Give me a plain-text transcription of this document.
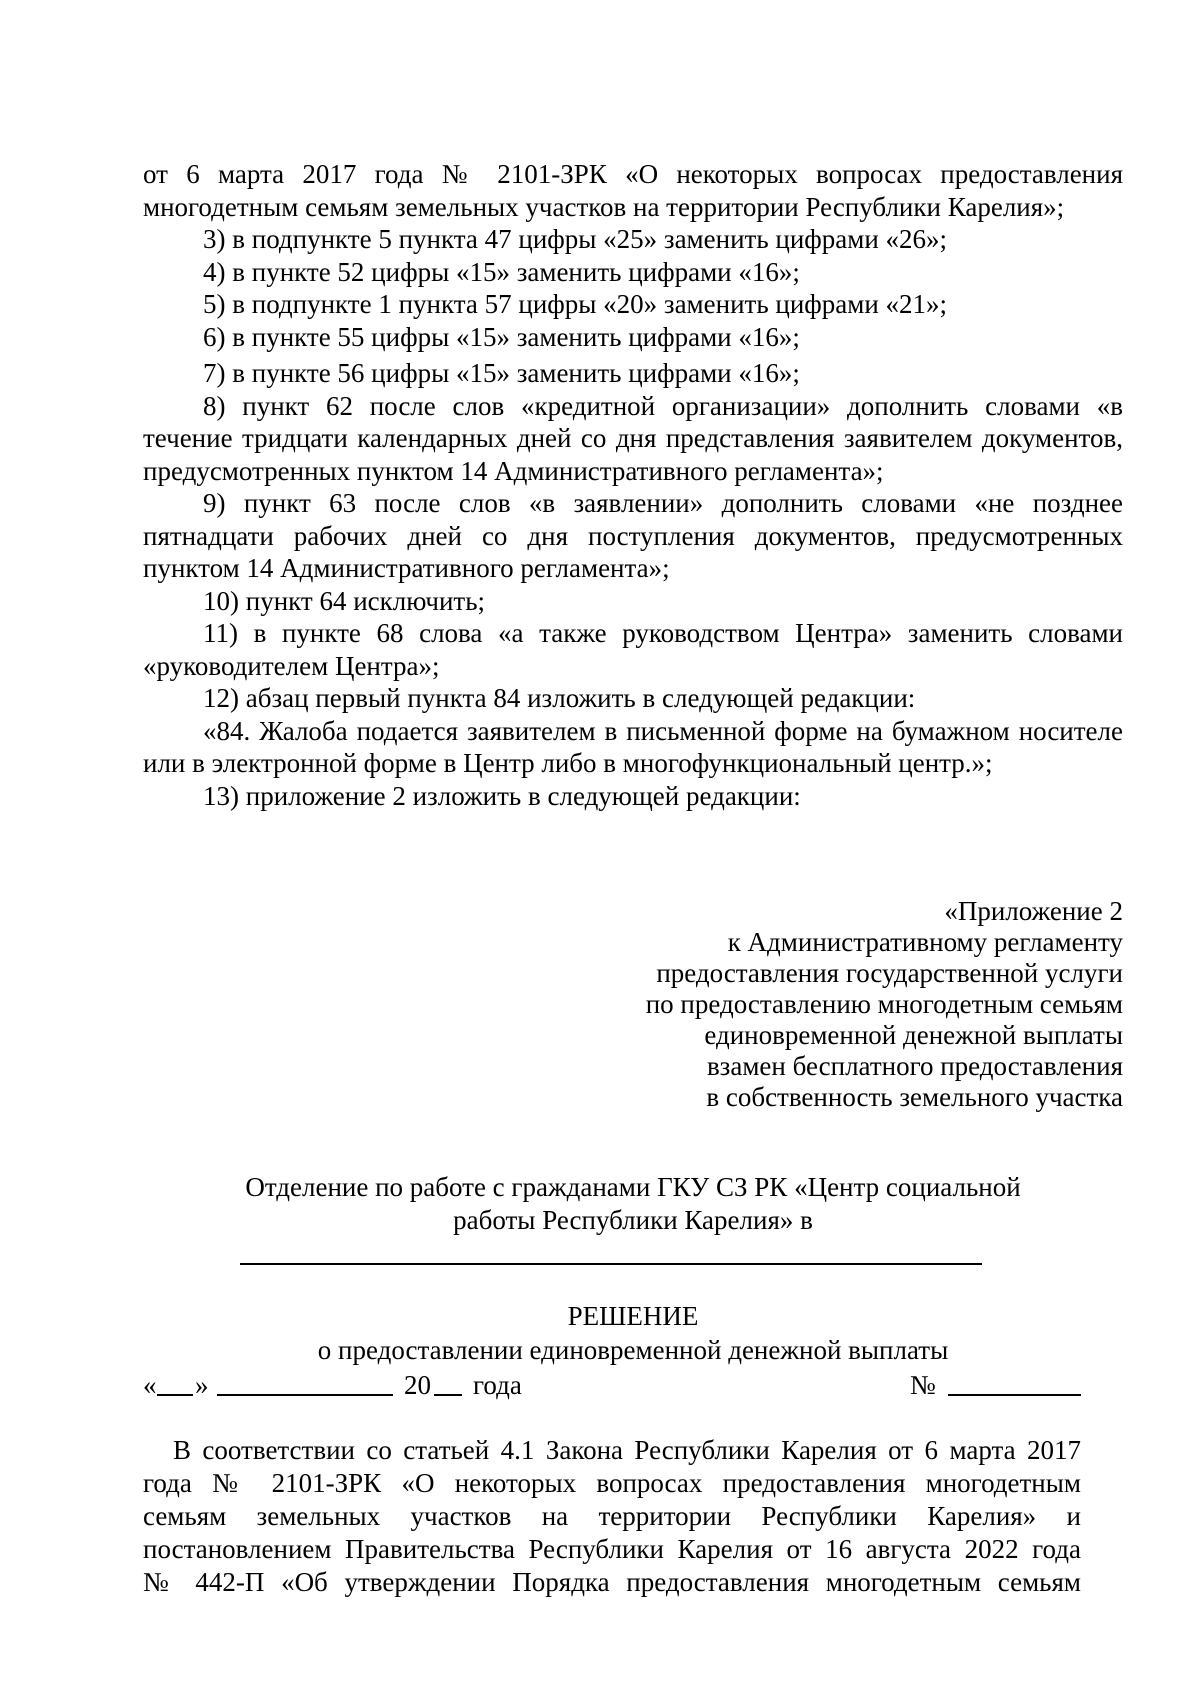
от 6 марта 2017 года № 2101-ЗРК «О некоторых вопросах предоставления многодетным семьям земельных участков на территории Республики Карелия»;

3) в подпункте 5 пункта 47 цифры «25» заменить цифрами «26»;

4) в пункте 52 цифры «15» заменить цифрами «16»;

5) в подпункте 1 пункта 57 цифры «20» заменить цифрами «21»;

6) в пункте 55 цифры «15» заменить цифрами «16»;

7) в пункте 56 цифры «15» заменить цифрами «16»;

8) пункт 62 после слов «кредитной организации» дополнить словами «в течение тридцати календарных дней со дня представления заявителем документов, предусмотренных пунктом 14 Административного регламента»;

9) пункт 63 после слов «в заявлении» дополнить словами «не позднее пятнадцати рабочих дней со дня поступления документов, предусмотренных пунктом 14 Административного регламента»;

10) пункт 64 исключить;

11) в пункте 68 слова «а также руководством Центра» заменить словами «руководителем Центра»;

12) абзац первый пункта 84 изложить в следующей редакции:

«84. Жалоба подается заявителем в письменной форме на бумажном носителе или в электронной форме в Центр либо в многофункциональный центр.»;

13) приложение 2 изложить в следующей редакции:

«Приложение 2

к Административному регламенту

предоставления государственной услуги

по предоставлению многодетным семьям

единовременной денежной выплаты

взамен бесплатного предоставления

в собственность земельного участка

Отделение по работе с гражданами ГКУ СЗ РК «Центр социальной

работы Республики Карелия» в

РЕШЕНИЕ

о предоставлении единовременной денежной выплаты

« »	20 года	№

В соответствии со статьей 4.1 Закона Республики Карелия от 6 марта 2017

года № 2101-ЗРК «О некоторых вопросах предоставления многодетным

семьям земельных участков на территории Республики Карелия» и

постановлением Правительства Республики Карелия от 16 августа 2022 года

№ 442-П «Об утверждении Порядка предоставления многодетным семьям
